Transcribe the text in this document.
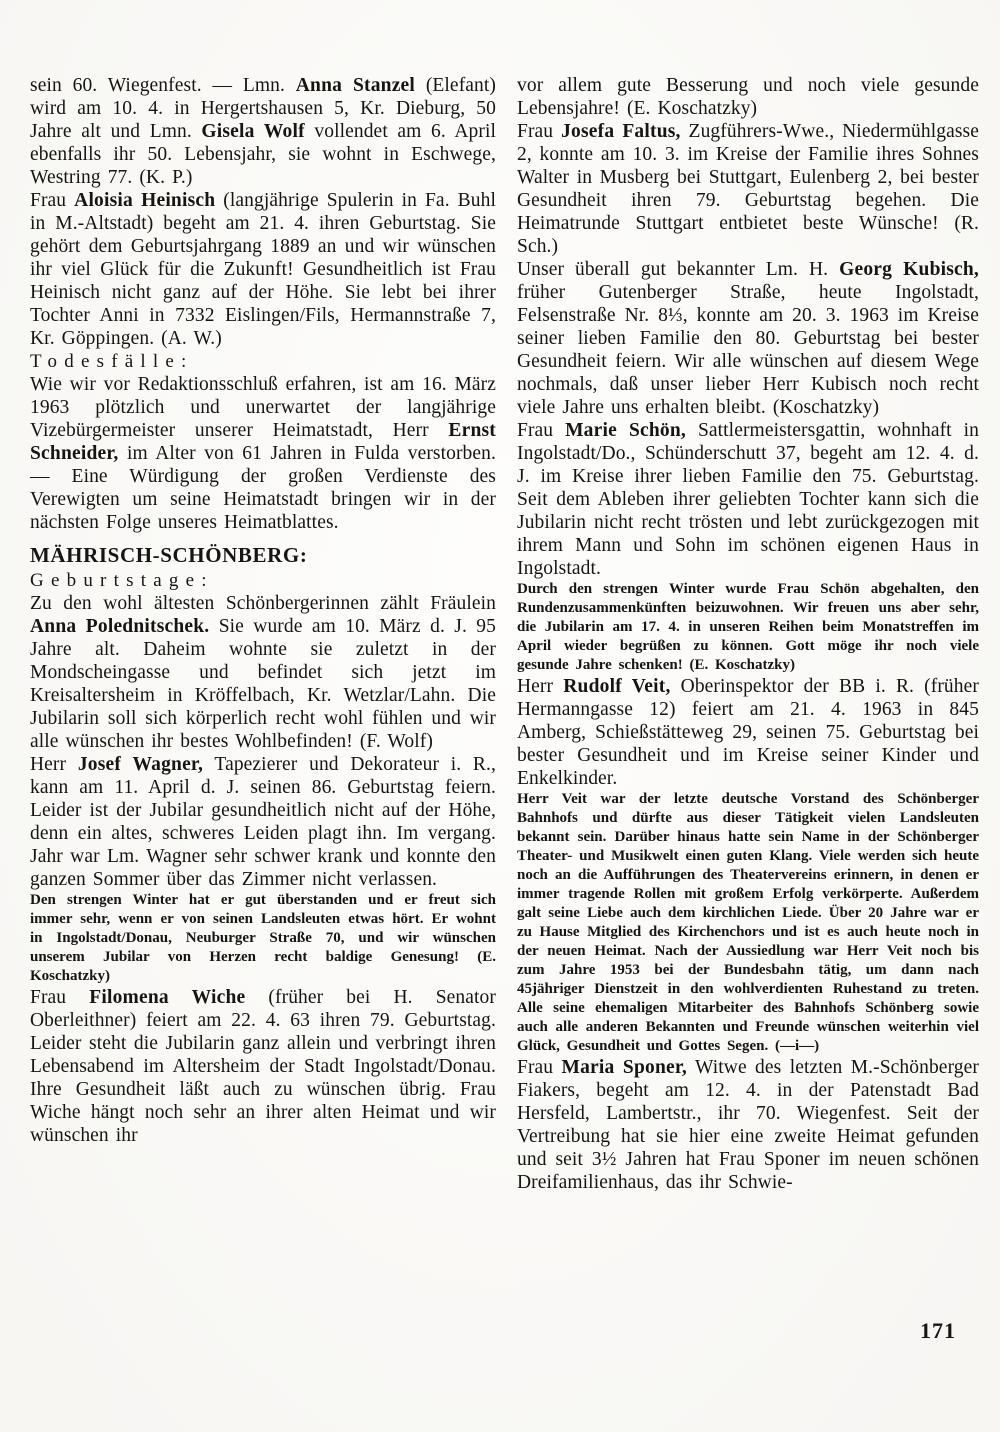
sein 60. Wiegenfest. — Lmn. Anna Stanzel (Elefant) wird am 10. 4. in Hergertshausen 5, Kr. Dieburg, 50 Jahre alt und Lmn. Gisela Wolf vollendet am 6. April ebenfalls ihr 50. Lebensjahr, sie wohnt in Eschwege, Westring 77. (K. P.)

Frau Aloisia Heinisch (langjährige Spulerin in Fa. Buhl in M.-Altstadt) begeht am 21. 4. ihren Geburtstag. Sie gehört dem Geburtsjahrgang 1889 an und wir wünschen ihr viel Glück für die Zukunft! Gesundheitlich ist Frau Heinisch nicht ganz auf der Höhe. Sie lebt bei ihrer Tochter Anni in 7332 Eislingen/Fils, Hermannstraße 7, Kr. Göppingen. (A. W.)

Todesfälle:

Wie wir vor Redaktionsschluß erfahren, ist am 16. März 1963 plötzlich und unerwartet der langjährige Vizebürgermeister unserer Heimatstadt, Herr Ernst Schneider, im Alter von 61 Jahren in Fulda verstorben. — Eine Würdigung der großen Verdienste des Verewigten um seine Heimatstadt bringen wir in der nächsten Folge unseres Heimatblattes.

MÄHRISCH-SCHÖNBERG:

Geburtstage:

Zu den wohl ältesten Schönbergerinnen zählt Fräulein Anna Polednitschek. Sie wurde am 10. März d. J. 95 Jahre alt. Daheim wohnte sie zuletzt in der Mondscheingasse und befindet sich jetzt im Kreisaltersheim in Kröffelbach, Kr. Wetzlar/Lahn. Die Jubilarin soll sich körperlich recht wohl fühlen und wir alle wünschen ihr bestes Wohlbefinden! (F. Wolf)

Herr Josef Wagner, Tapezierer und Dekorateur i. R., kann am 11. April d. J. seinen 86. Geburtstag feiern. Leider ist der Jubilar gesundheitlich nicht auf der Höhe, denn ein altes, schweres Leiden plagt ihn. Im vergang. Jahr war Lm. Wagner sehr schwer krank und konnte den ganzen Sommer über das Zimmer nicht verlassen.

Den strengen Winter hat er gut überstanden und er freut sich immer sehr, wenn er von seinen Landsleuten etwas hört. Er wohnt in Ingolstadt/Donau, Neuburger Straße 70, und wir wünschen unserem Jubilar von Herzen recht baldige Genesung! (E. Koschatzky)

Frau Filomena Wiche (früher bei H. Senator Oberleithner) feiert am 22. 4. 63 ihren 79. Geburtstag. Leider steht die Jubilarin ganz allein und verbringt ihren Lebensabend im Altersheim der Stadt Ingolstadt/Donau. Ihre Gesundheit läßt auch zu wünschen übrig. Frau Wiche hängt noch sehr an ihrer alten Heimat und wir wünschen ihr

vor allem gute Besserung und noch viele gesunde Lebensjahre! (E. Koschatzky)

Frau Josefa Faltus, Zugführers-Wwe., Niedermühlgasse 2, konnte am 10. 3. im Kreise der Familie ihres Sohnes Walter in Musberg bei Stuttgart, Eulenberg 2, bei bester Gesundheit ihren 79. Geburtstag begehen. Die Heimatrunde Stuttgart entbietet beste Wünsche! (R. Sch.)

Unser überall gut bekannter Lm. H. Georg Kubisch, früher Gutenberger Straße, heute Ingolstadt, Felsenstraße Nr. 8⅓, konnte am 20. 3. 1963 im Kreise seiner lieben Familie den 80. Geburtstag bei bester Gesundheit feiern. Wir alle wünschen auf diesem Wege nochmals, daß unser lieber Herr Kubisch noch recht viele Jahre uns erhalten bleibt. (Koschatzky)

Frau Marie Schön, Sattlermeistersgattin, wohnhaft in Ingolstadt/Do., Schünderschutt 37, begeht am 12. 4. d. J. im Kreise ihrer lieben Familie den 75. Geburtstag. Seit dem Ableben ihrer geliebten Tochter kann sich die Jubilarin nicht recht trösten und lebt zurückgezogen mit ihrem Mann und Sohn im schönen eigenen Haus in Ingolstadt.

Durch den strengen Winter wurde Frau Schön abgehalten, den Rundenzusammenkünften beizuwohnen. Wir freuen uns aber sehr, die Jubilarin am 17. 4. in unseren Reihen beim Monatstreffen im April wieder begrüßen zu können. Gott möge ihr noch viele gesunde Jahre schenken! (E. Koschatzky)

Herr Rudolf Veit, Oberinspektor der BB i. R. (früher Hermanngasse 12) feiert am 21. 4. 1963 in 845 Amberg, Schießstätteweg 29, seinen 75. Geburtstag bei bester Gesundheit und im Kreise seiner Kinder und Enkelkinder.

Herr Veit war der letzte deutsche Vorstand des Schönberger Bahnhofs und dürfte aus dieser Tätigkeit vielen Landsleuten bekannt sein. Darüber hinaus hatte sein Name in der Schönberger Theater- und Musikwelt einen guten Klang. Viele werden sich heute noch an die Aufführungen des Theatervereins erinnern, in denen er immer tragende Rollen mit großem Erfolg verkörperte. Außerdem galt seine Liebe auch dem kirchlichen Liede. Über 20 Jahre war er zu Hause Mitglied des Kirchenchors und ist es auch heute noch in der neuen Heimat. Nach der Aussiedlung war Herr Veit noch bis zum Jahre 1953 bei der Bundesbahn tätig, um dann nach 45jähriger Dienstzeit in den wohlverdienten Ruhestand zu treten. Alle seine ehemaligen Mitarbeiter des Bahnhofs Schönberg sowie auch alle anderen Bekannten und Freunde wünschen weiterhin viel Glück, Gesundheit und Gottes Segen. (—i—)

Frau Maria Sponer, Witwe des letzten M.-Schönberger Fiakers, begeht am 12. 4. in der Patenstadt Bad Hersfeld, Lambertstr., ihr 70. Wiegenfest. Seit der Vertreibung hat sie hier eine zweite Heimat gefunden und seit 3½ Jahren hat Frau Sponer im neuen schönen Dreifamilienhaus, das ihr Schwie-

171
